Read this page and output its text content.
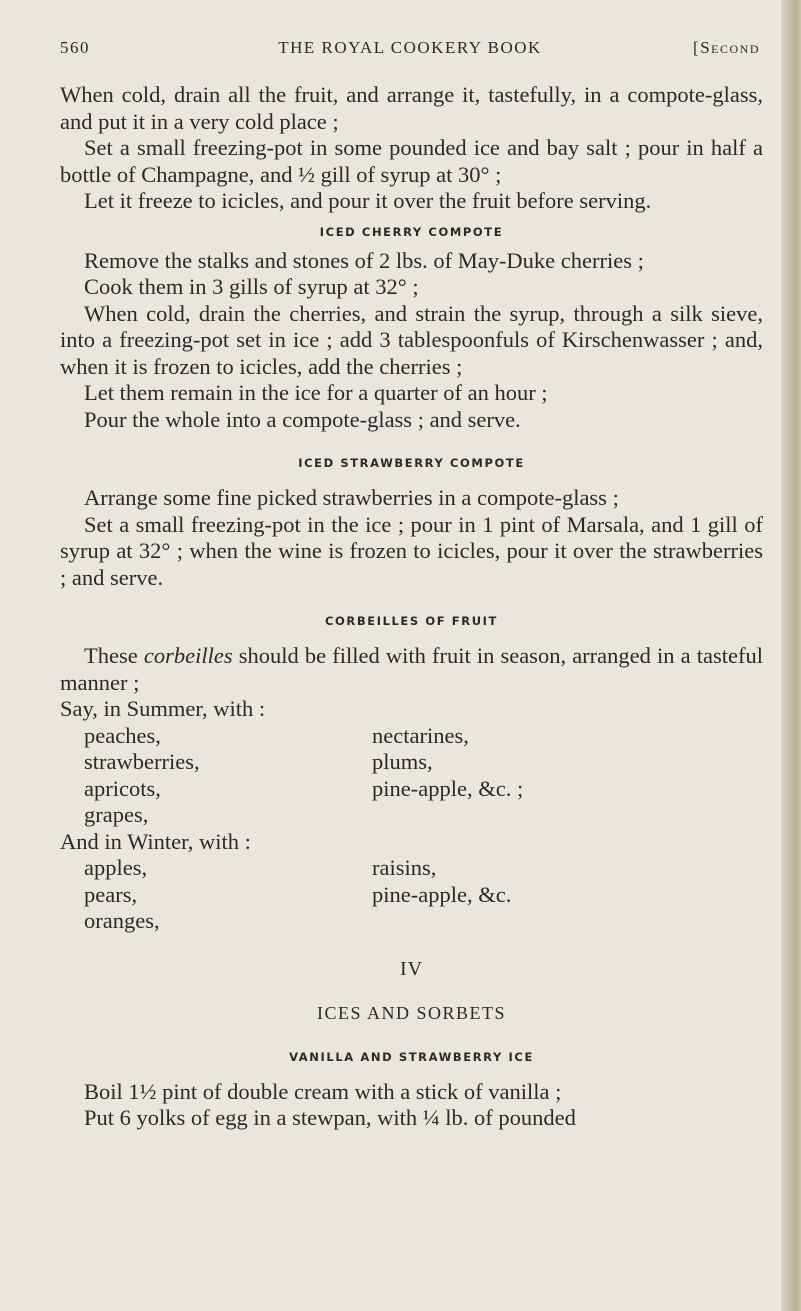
560	THE ROYAL COOKERY BOOK	[Second

When cold, drain all the fruit, and arrange it, tastefully, in a compote-glass, and put it in a very cold place ;

Set a small freezing-pot in some pounded ice and bay salt ; pour in half a bottle of Champagne, and ½ gill of syrup at 30° ;

Let it freeze to icicles, and pour it over the fruit before serving.

ICED CHERRY COMPOTE

Remove the stalks and stones of 2 lbs. of May-Duke cherries ;

Cook them in 3 gills of syrup at 32° ;

When cold, drain the cherries, and strain the syrup, through a silk sieve, into a freezing-pot set in ice ; add 3 tablespoonfuls of Kirschenwasser ; and, when it is frozen to icicles, add the cherries ;

Let them remain in the ice for a quarter of an hour ;

Pour the whole into a compote-glass ; and serve.

ICED STRAWBERRY COMPOTE

Arrange some fine picked strawberries in a compote-glass ;

Set a small freezing-pot in the ice ; pour in 1 pint of Marsala, and 1 gill of syrup at 32° ; when the wine is frozen to icicles, pour it over the strawberries ; and serve.

CORBEILLES OF FRUIT

These corbeilles should be filled with fruit in season, arranged in a tasteful manner ;

Say, in Summer, with :
peaches,	nectarines,
strawberries,	plums,
apricots,	pine-apple, &c. ;
grapes,
And in Winter, with :
apples,	raisins,
pears,	pine-apple, &c.
oranges,
IV
ICES AND SORBETS
VANILLA AND STRAWBERRY ICE

Boil 1½ pint of double cream with a stick of vanilla ;

Put 6 yolks of egg in a stewpan, with ¼ lb. of pounded
